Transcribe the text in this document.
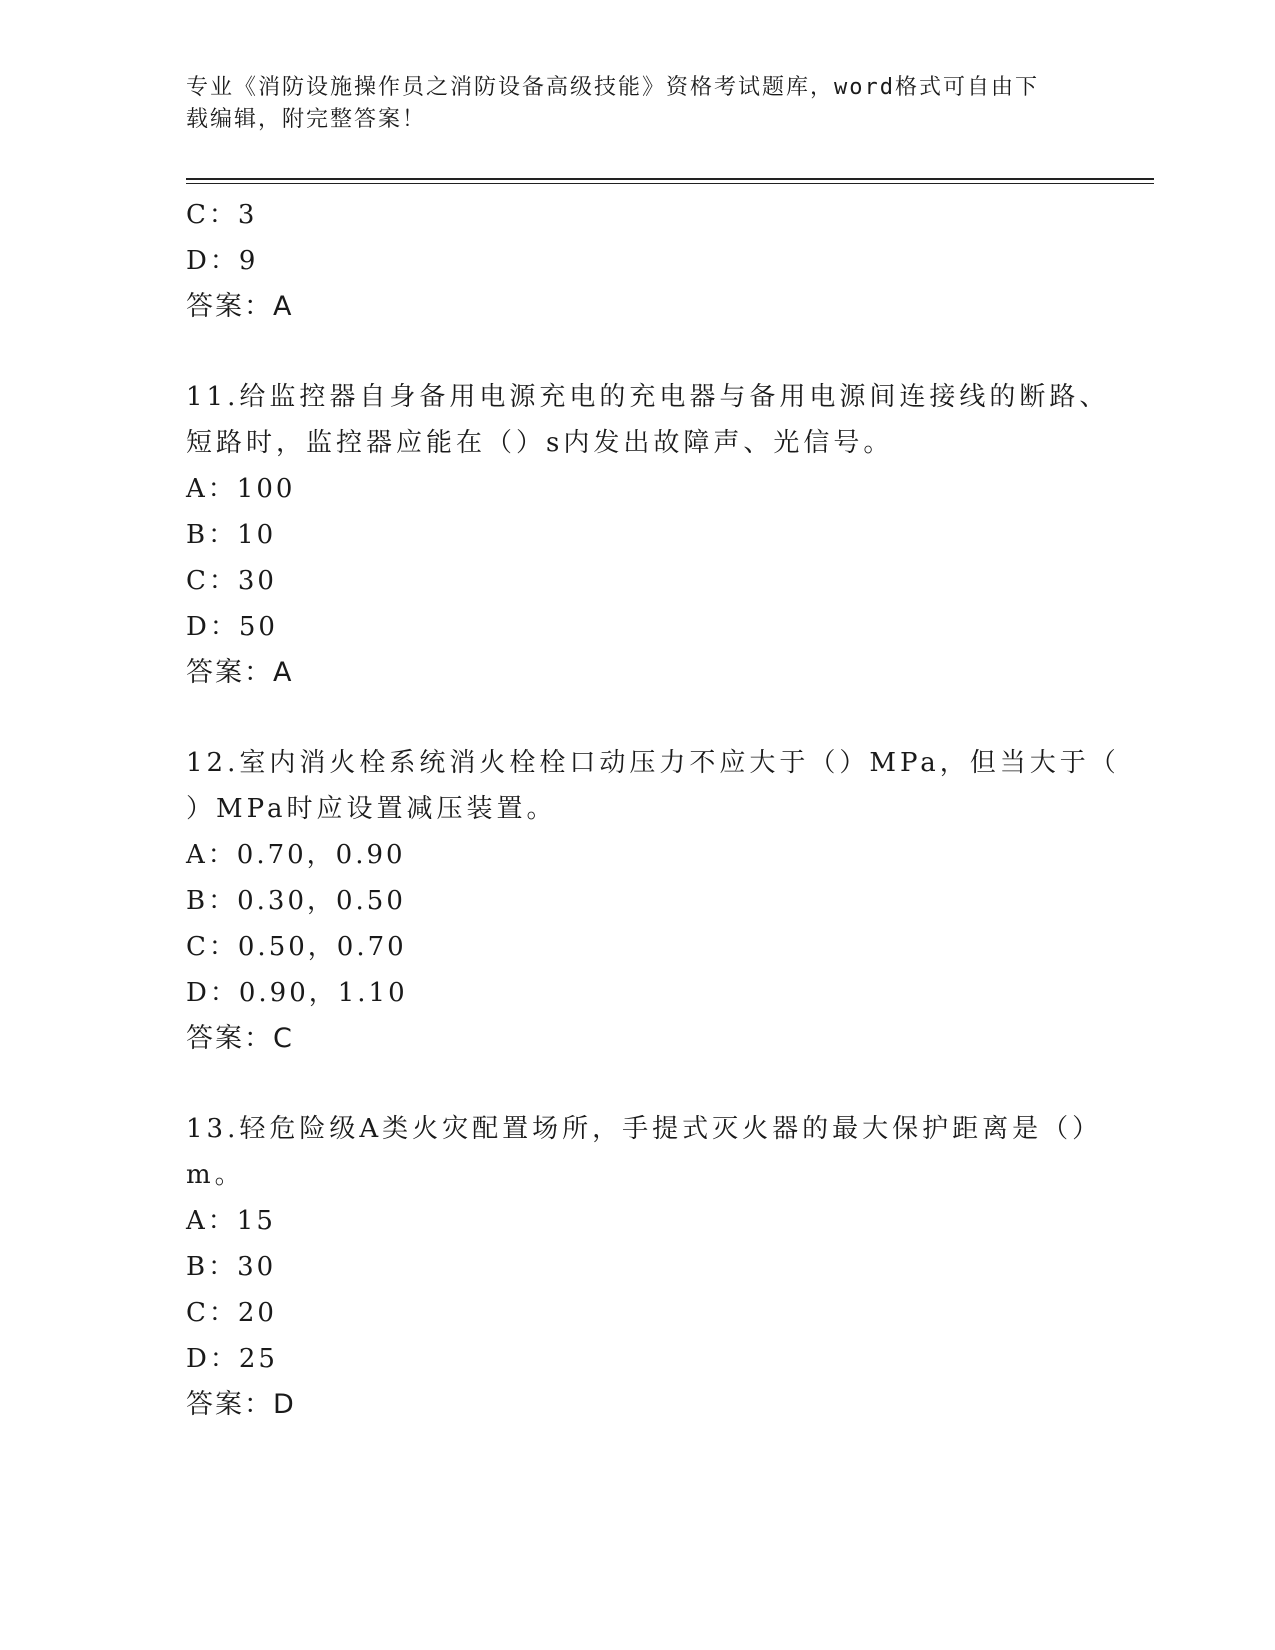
专业《消防设施操作员之消防设备高级技能》资格考试题库，word格式可自由下
载编辑，附完整答案！
C：3
D：9
答案：A
11.给监控器自身备用电源充电的充电器与备用电源间连接线的断路、
短路时，监控器应能在（）s内发出故障声、光信号。
A：100
B：10
C：30
D：50
答案：A
12.室内消火栓系统消火栓栓口动压力不应大于（）MPa，但当大于（
）MPa时应设置减压装置。
A：0.70，0.90
B：0.30，0.50
C：0.50，0.70
D：0.90，1.10
答案：C
13.轻危险级A类火灾配置场所，手提式灭火器的最大保护距离是（）
m。
A：15
B：30
C：20
D：25
答案：D
